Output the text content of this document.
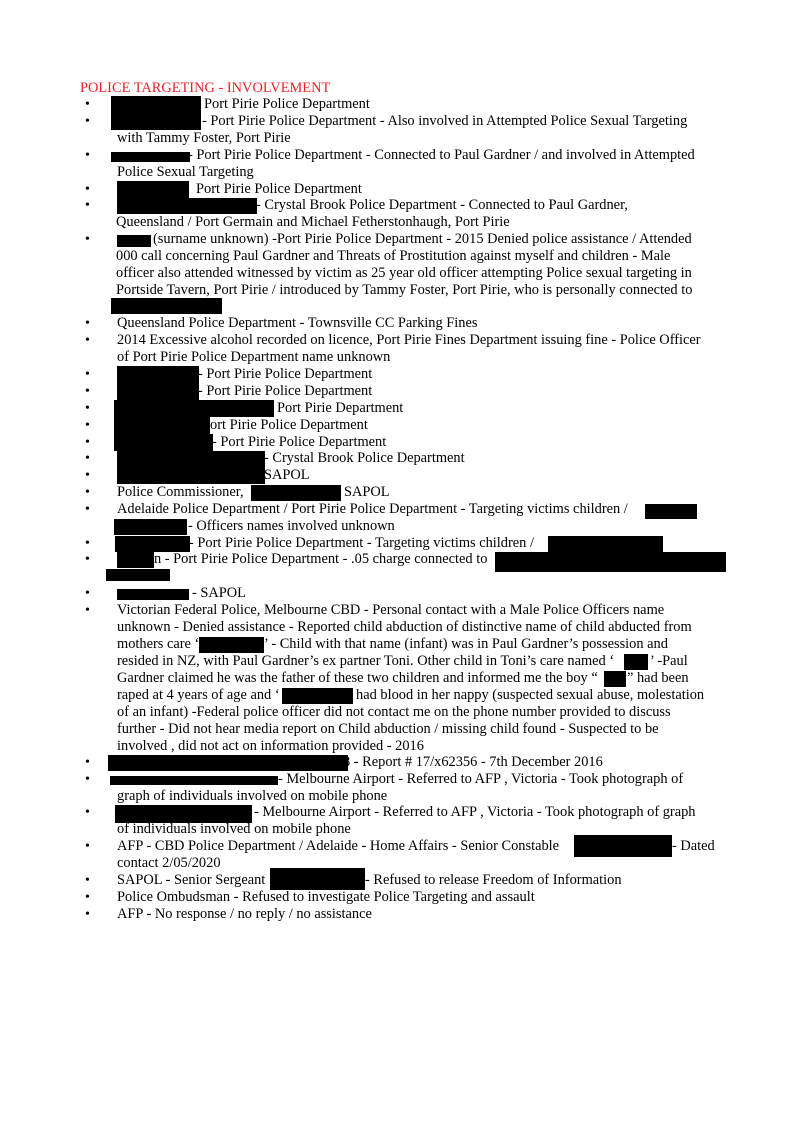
POLICE TARGETING - INVOLVEMENT
•	Port Pirie Police Department
•	- Port Pirie Police Department - Also involved in Attempted Police Sexual Targeting
with Tammy Foster, Port Pirie
•	- Port Pirie Police Department - Connected to Paul Gardner / and involved in Attempted
Police Sexual Targeting
•	Port Pirie Police Department
•	- Crystal Brook Police Department - Connected to Paul Gardner,
Queensland / Port Germain and Michael Fetherstonhaugh, Port Pirie
•	(surname unknown) -Port Pirie Police Department - 2015 Denied police assistance / Attended
000 call concerning Paul Gardner and Threats of Prostitution against myself and children - Male
officer also attended witnessed by victim as 25 year old officer attempting Police sexual targeting in
Portside Tavern, Port Pirie / introduced by Tammy Foster, Port Pirie, who is personally connected to
• Queensland Police Department - Townsville CC Parking Fines
• 2014 Excessive alcohol recorded on licence, Port Pirie Fines Department issuing fine - Police Officer
of Port Pirie Police Department name unknown
•	- Port Pirie Police Department
•	- Port Pirie Police Department
•	Port Pirie Department
•	ort Pirie Police Department
•	- Port Pirie Police Department
•	- Crystal Brook Police Department
•	SAPOL
• Police Commissioner,	SAPOL
• Adelaide Police Department / Port Pirie Police Department - Targeting victims children /
- Officers names involved unknown
•	- Port Pirie Police Department - Targeting victims children /
•	n - Port Pirie Police Department - .05 charge connected to
•	- SAPOL
• Victorian Federal Police, Melbourne CBD - Personal contact with a Male Police Officers name
unknown - Denied assistance - Reported child abduction of distinctive name of child abducted from
mothers care ‘	’ - Child with that name (infant) was in Paul Gardner’s possession and
resided in NZ, with Paul Gardner’s ex partner Toni. Other child in Toni’s care named ‘ ’ -Paul
Gardner claimed he was the father of these two children and informed me the boy “ ” had been
raped at 4 years of age and ‘	had blood in her nappy (suspected sexual abuse, molestation
of an infant) -Federal police officer did not contact me on the phone number provided to discuss
further - Did not hear media report on Child abduction / missing child found - Suspected to be
involved , did not act on information provided - 2016
•	8 - Report # 17/x62356 - 7th December 2016
•	- Melbourne Airport - Referred to AFP , Victoria - Took photograph of
graph of individuals involved on mobile phone
•	- Melbourne Airport - Referred to AFP , Victoria - Took photograph of graph
of individuals involved on mobile phone
• AFP - CBD Police Department / Adelaide - Home Affairs - Senior Constable	- Dated
contact 2/05/2020
• SAPOL - Senior Sergeant	- Refused to release Freedom of Information
• Police Ombudsman - Refused to investigate Police Targeting and assault
• AFP - No response / no reply / no assistance
